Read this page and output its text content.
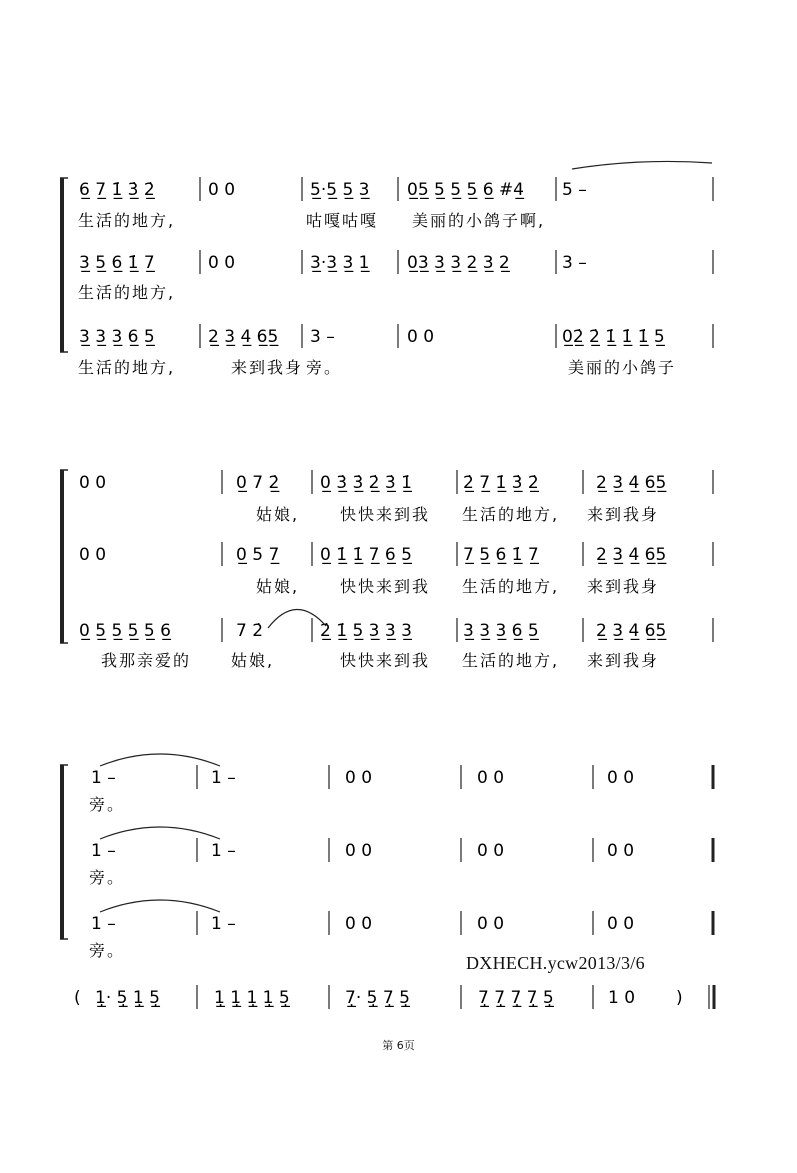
6̲ 7̲ 1̲̇ 3̲̇ 2̲̇	0 0	5̲·5̲ 5̲ 3̲ 0̲5̲ 5̲ 5̲ 5̲ 6̲ #4̲ 5 –
生活的地方,	咕嘎咕嘎 美丽的小鸽子啊,
3̲ 5̲ 6̲ 1̲̇ 7̲	0 0	3̲·3̲ 3̲ 1̲ 0̲3̲ 3̲ 3̲ 2̲ 3̲ 2̲	3 –
生活的地方,
3̲ 3̲ 3̲ 6̲ 5̲	2̲ 3̲ 4̲ 6̲5̲ 3 –	0 0	0̲2̲̇ 2̲̇ 1̲̇ 1̲̇ 1̲̇ 5̲
生活的地方,	来到我身 旁。	美丽的小鸽子
0 0	0̲ 7 2̲̇ 0̲ 3̲̇ 3̲̇ 2̲̇ 3̲̇ 1̲̇	2̲̇ 7̲ 1̲̇ 3̲̇ 2̲̇	2̲ 3̲ 4̲ 6̲5̲
姑娘,	快快来到我 生活的地方, 来到我身
0 0	0̲ 5 7̲ 0̲ 1̲̇ 1̲̇ 7̲ 6̲ 5̲	7̲ 5̲ 6̲ 1̲̇ 7̲	2̲ 3̲ 4̲ 6̲5̲
姑娘,	快快来到我 生活的地方, 来到我身
0̲ 5̲ 5̲ 5̲ 5̲ 6̲	7 2̇	2̲̇ 1̲̇ 5̲ 3̲ 3̲ 3̲	3̲ 3̲ 3̲ 6̲ 5̲	2̲ 3̲ 4̲ 6̲5̲
我那亲爱的 姑娘,	快快来到我 生活的地方, 来到我身
1 –	1 –	0 0	0 0	0 0
旁。
1 –	1 –	0 0	0 0	0 0
旁。
1 –	1 –	0 0	0 0	0 0
旁。
( 1̲̣· 5̲̣ 1̲̣ 5̲̣	1̲̣ 1̲̣ 1̲̣ 1̲̣ 5̲̣	7̲̣· 5̲̣ 7̲̣ 5̲̣	7̲̣ 7̲̣ 7̲̣ 7̲̣ 5̲̣	1 0 )
DXHECH.ycw2013/3/6
第 6页
